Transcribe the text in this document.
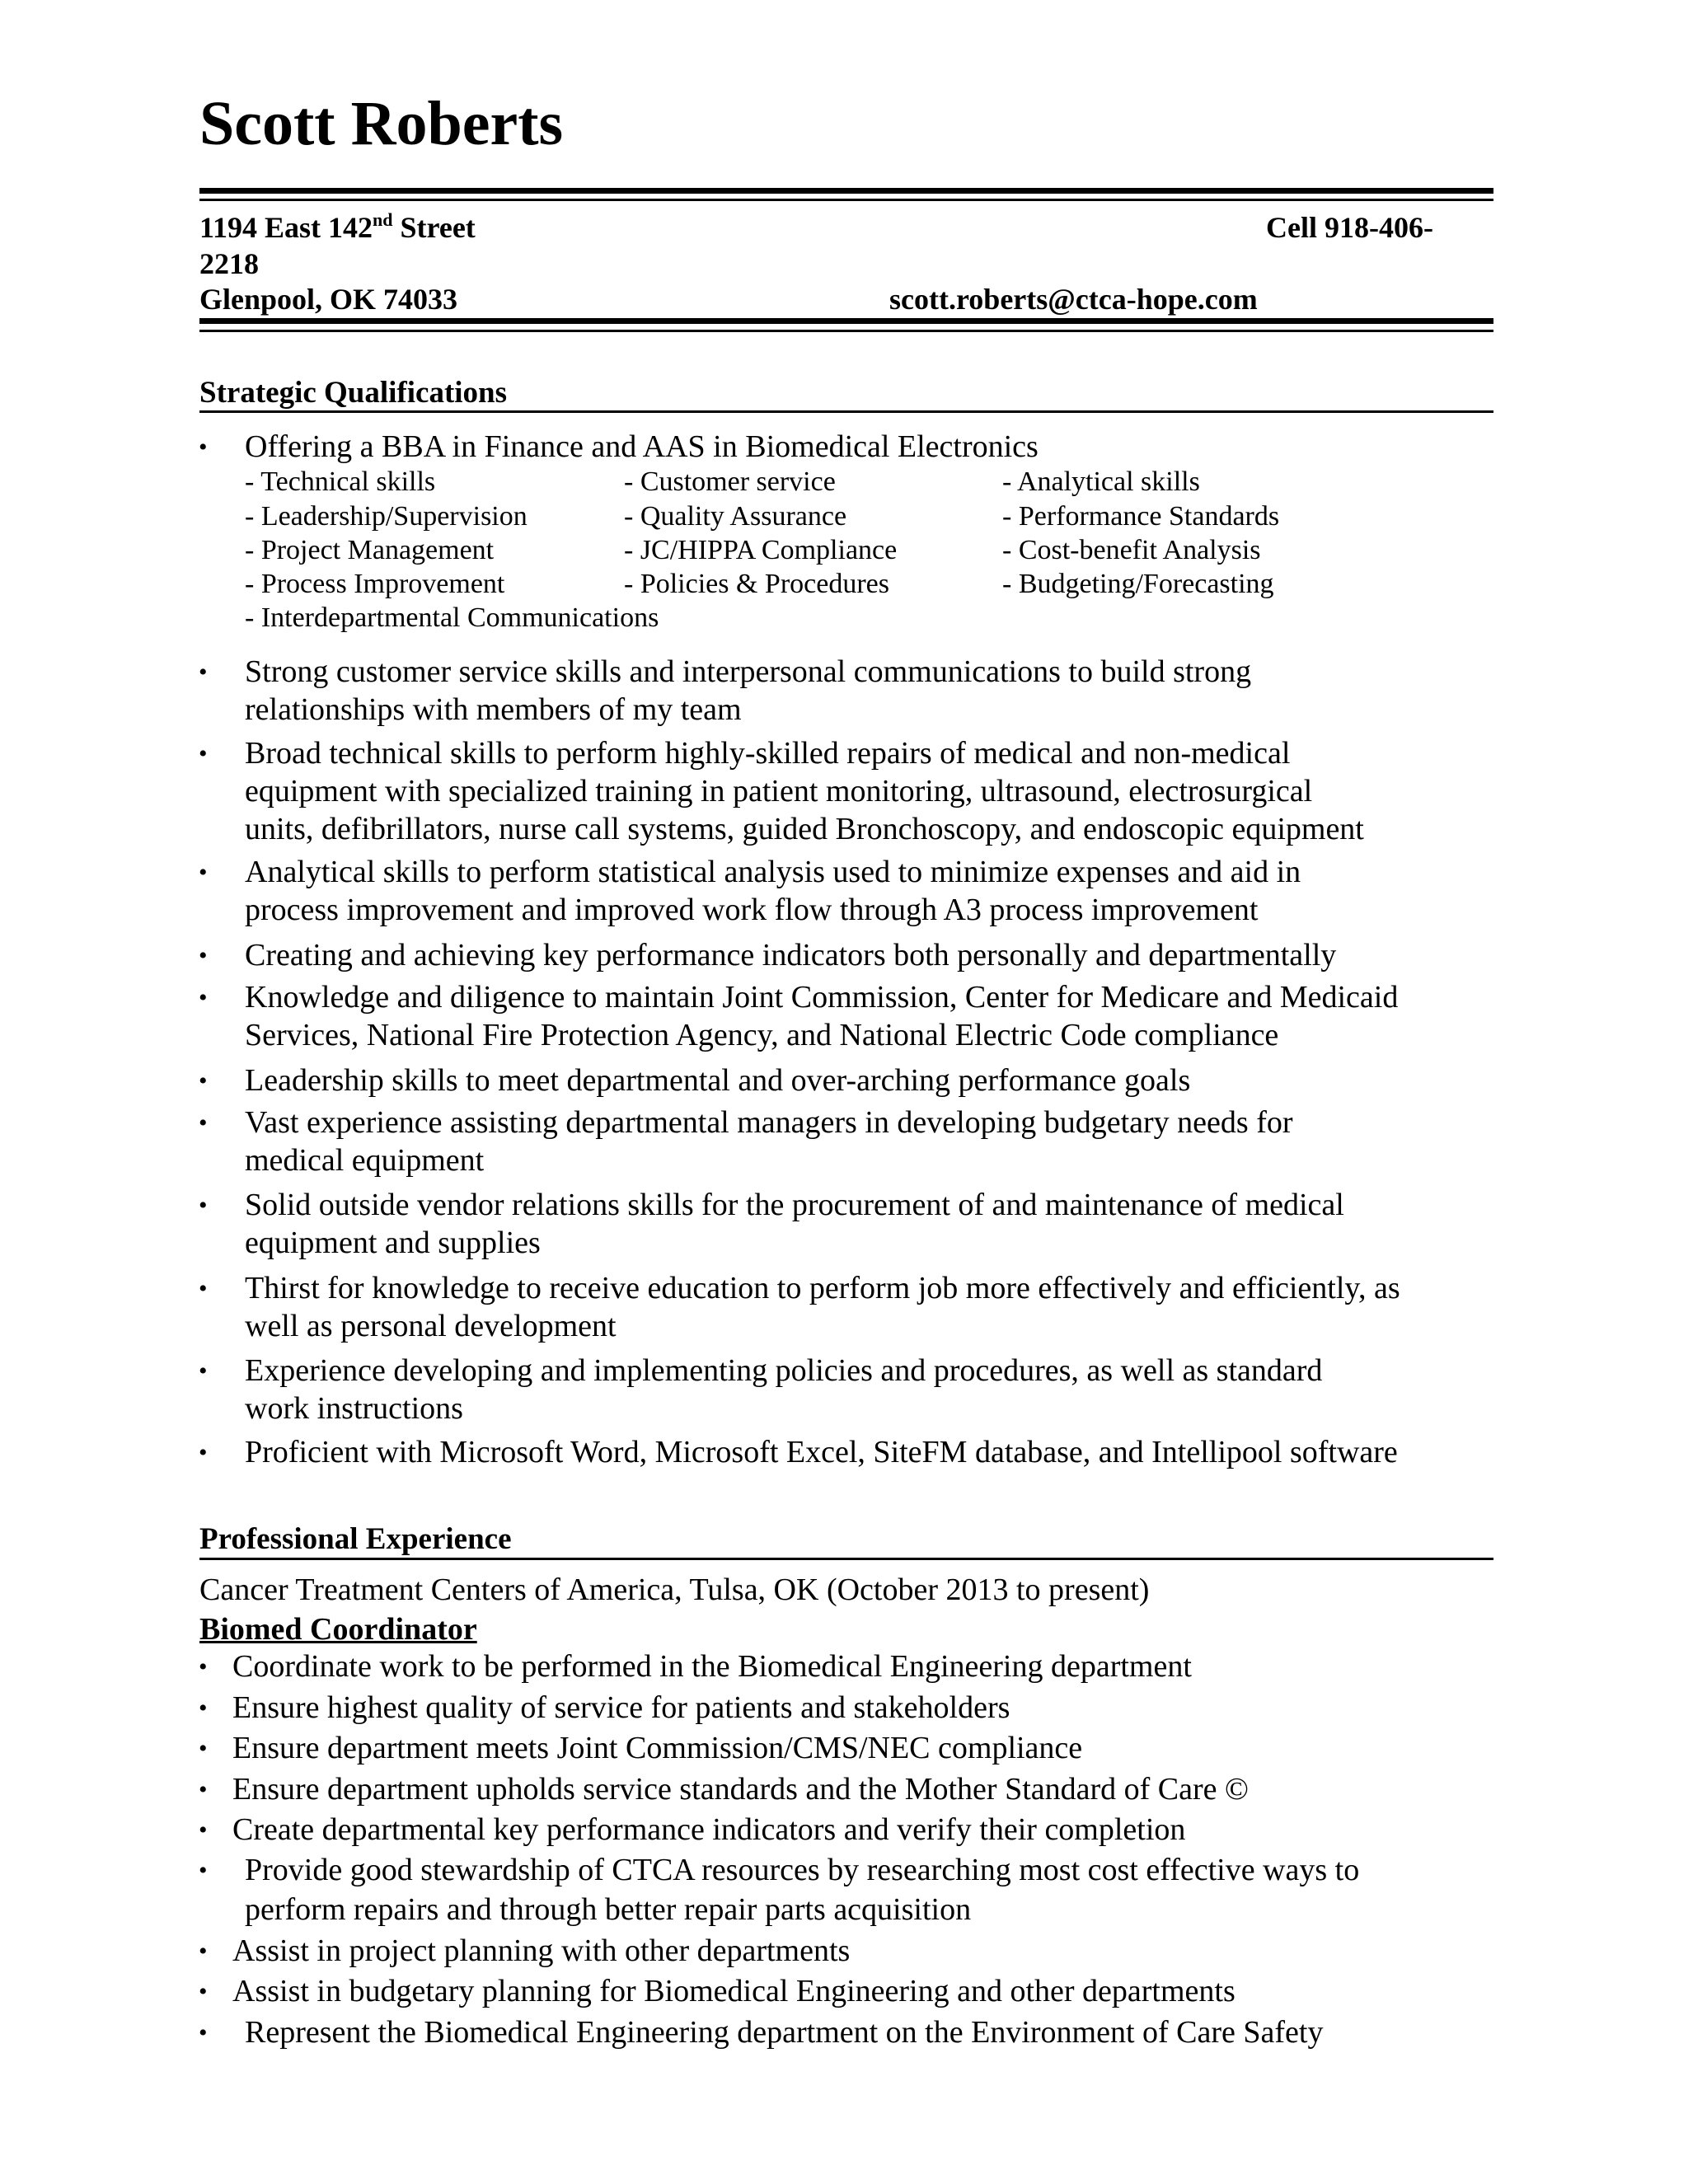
Scott Roberts
1194 East 142nd Street	Cell 918-406-
2218
Glenpool, OK 74033	scott.roberts@ctca-hope.com
Strategic Qualifications
• Offering a BBA in Finance and AAS in Biomedical Electronics
- Technical skills	- Customer service	- Analytical skills
- Leadership/Supervision	- Quality Assurance	- Performance Standards
- Project Management	- JC/HIPPA Compliance	- Cost-benefit Analysis
- Process Improvement	- Policies & Procedures	- Budgeting/Forecasting
- Interdepartmental Communications
• Strong customer service skills and interpersonal communications to build strong
relationships with members of my team
• Broad technical skills to perform highly-skilled repairs of medical and non-medical
equipment with specialized training in patient monitoring, ultrasound, electrosurgical
units, defibrillators, nurse call systems, guided Bronchoscopy, and endoscopic equipment
• Analytical skills to perform statistical analysis used to minimize expenses and aid in
process improvement and improved work flow through A3 process improvement
• Creating and achieving key performance indicators both personally and departmentally
• Knowledge and diligence to maintain Joint Commission, Center for Medicare and Medicaid
Services, National Fire Protection Agency, and National Electric Code compliance
• Leadership skills to meet departmental and over-arching performance goals
• Vast experience assisting departmental managers in developing budgetary needs for
medical equipment
• Solid outside vendor relations skills for the procurement of and maintenance of medical
equipment and supplies
• Thirst for knowledge to receive education to perform job more effectively and efficiently, as
well as personal development
• Experience developing and implementing policies and procedures, as well as standard
work instructions
• Proficient with Microsoft Word, Microsoft Excel, SiteFM database, and Intellipool software
Professional Experience
Cancer Treatment Centers of America, Tulsa, OK (October 2013 to present)
Biomed Coordinator
• Coordinate work to be performed in the Biomedical Engineering department
• Ensure highest quality of service for patients and stakeholders
• Ensure department meets Joint Commission/CMS/NEC compliance
• Ensure department upholds service standards and the Mother Standard of Care ©
• Create departmental key performance indicators and verify their completion
• Provide good stewardship of CTCA resources by researching most cost effective ways to
perform repairs and through better repair parts acquisition
• Assist in project planning with other departments
• Assist in budgetary planning for Biomedical Engineering and other departments
• Represent the Biomedical Engineering department on the Environment of Care Safety
